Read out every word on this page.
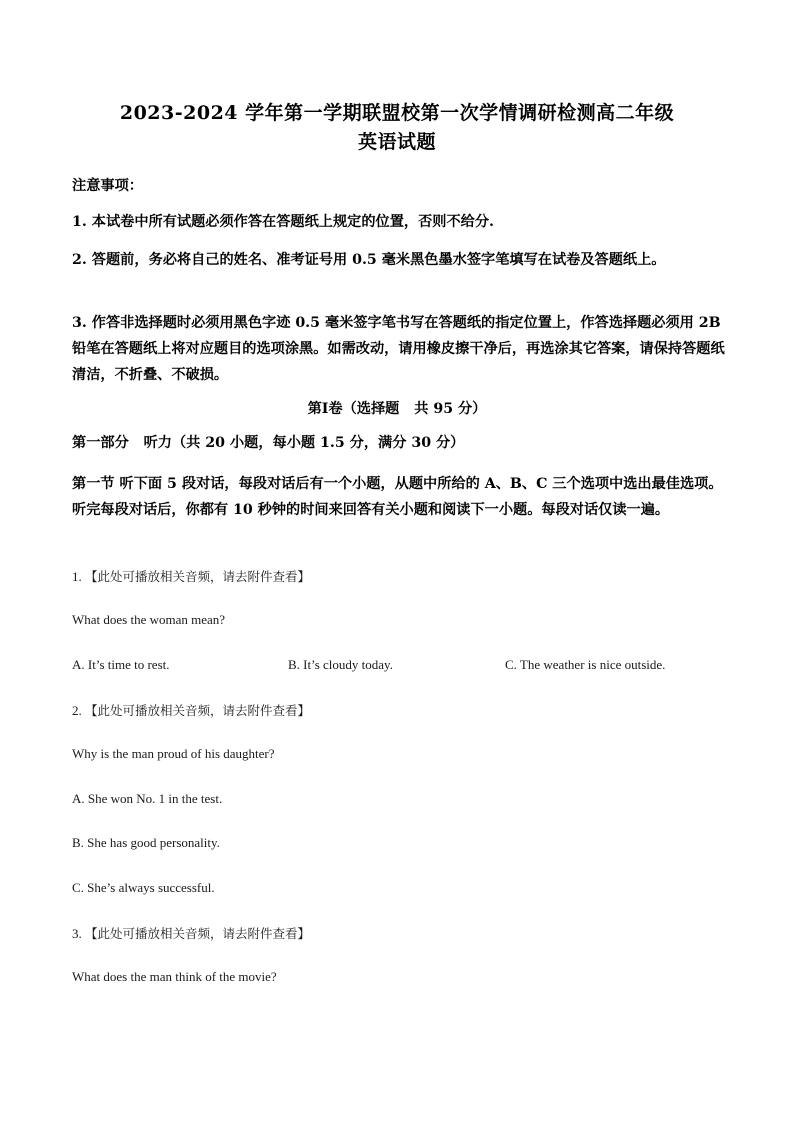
2023-2024 学年第一学期联盟校第一次学情调研检测高二年级
英语试题
注意事项：
1. 本试卷中所有试题必须作答在答题纸上规定的位置，否则不给分.
2. 答题前，务必将自己的姓名、准考证号用 0.5 毫米黑色墨水签字笔填写在试卷及答题纸上。
3. 作答非选择题时必须用黑色字迹 0.5 毫米签字笔书写在答题纸的指定位置上，作答选择题必须用 2B 铅笔在答题纸上将对应题目的选项涂黑。如需改动，请用橡皮擦干净后，再选涂其它答案，请保持答题纸清洁，不折叠、不破损。
第Ⅰ卷（选择题   共 95 分）
第一部分   听力（共 20 小题，每小题 1.5 分，满分 30 分）
第一节 听下面 5 段对话，每段对话后有一个小题，从题中所给的 A、B、C 三个选项中选出最佳选项。听完每段对话后，你都有 10 秒钟的时间来回答有关小题和阅读下一小题。每段对话仅读一遍。
1. 【此处可播放相关音频，请去附件查看】
What does the woman mean?
A. It’s time to rest.	B. It’s cloudy today.	C. The weather is nice outside.
2. 【此处可播放相关音频，请去附件查看】
Why is the man proud of his daughter?
A. She won No. 1 in the test.
B. She has good personality.
C. She’s always successful.
3. 【此处可播放相关音频，请去附件查看】
What does the man think of the movie?
